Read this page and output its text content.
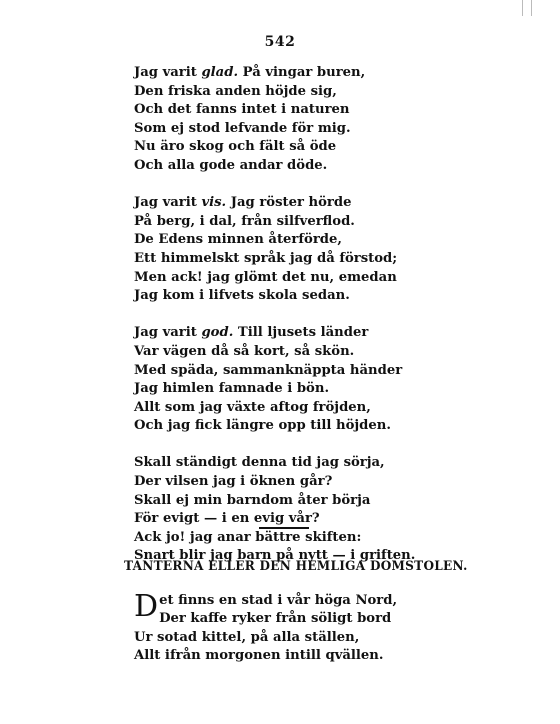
542
Jag varit glad. På vingar buren,
Den friska anden höjde sig,
Och det fanns intet i naturen
Som ej stod lefvande för mig.
Nu äro skog och fält så öde
Och alla gode andar döde.
Jag varit vis. Jag röster hörde
På berg, i dal, från silfverflod.
De Edens minnen återförde,
Ett himmelskt språk jag då förstod;
Men ack! jag glömt det nu, emedan
Jag kom i lifvets skola sedan.
Jag varit god. Till ljusets länder
Var vägen då så kort, så skön.
Med späda, sammanknäppta händer
Jag himlen famnade i bön.
Allt som jag växte aftog fröjden,
Och jag fick längre opp till höjden.
Skall ständigt denna tid jag sörja,
Der vilsen jag i öknen går?
Skall ej min barndom åter börja
För evigt — i en evig vår?
Ack jo! jag anar bättre skiften:
Snart blir jag barn på nytt — i griften.
TANTERNA ELLER DEN HEMLIGA DOMSTOLEN.
Det finns en stad i vår höga Nord,
Der kaffe ryker från söligt bord
Ur sotad kittel, på alla ställen,
Allt ifrån morgonen intill qvällen.
